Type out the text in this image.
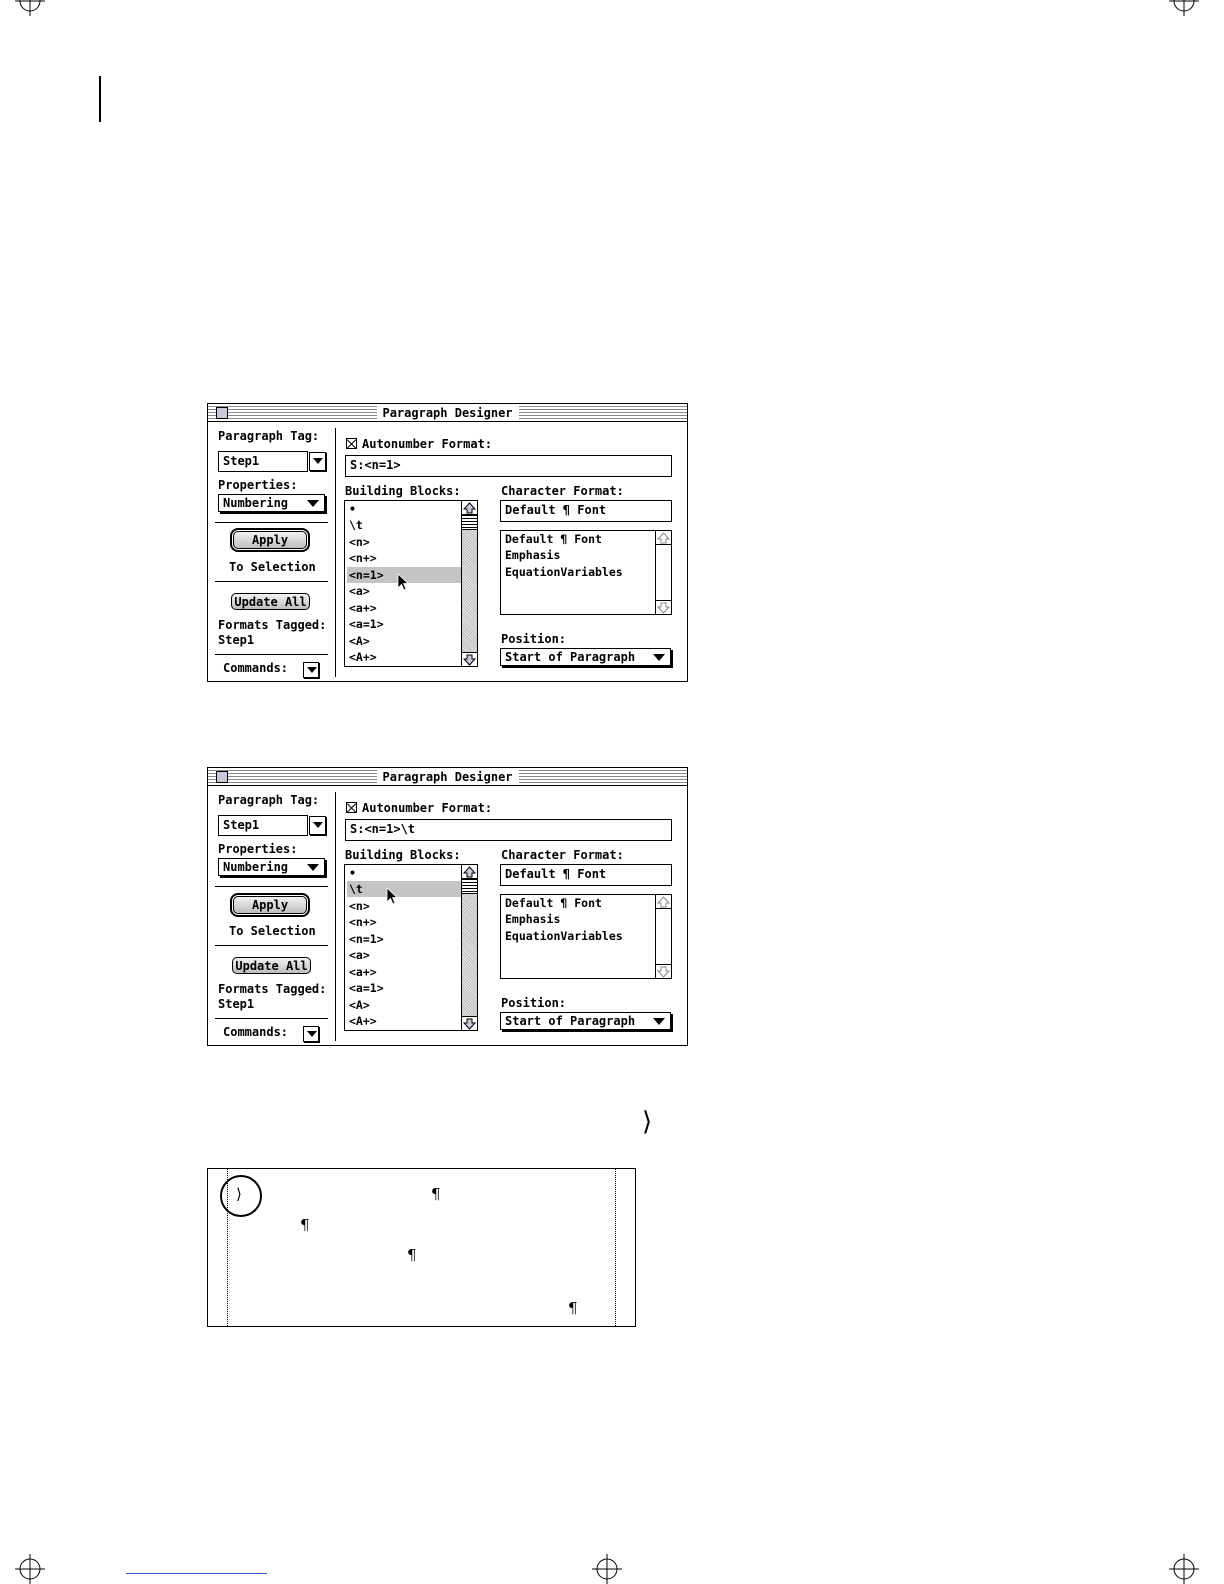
Paragraph Designer
Paragraph Tag:
Step1
Properties:
Numbering
Apply
To Selection
Update All
Formats Tagged:
Step1
Commands:
Autonumber Format:
S:<n=1>
Building Blocks:
•
\t
<n>
<n+>
<n=1>
<a>
<a+>
<a=1>
<A>
<A+>
Character Format:
Default ¶ Font
Default ¶ Font
Emphasis
EquationVariables
Position:
Start of Paragraph
Paragraph Designer
Paragraph Tag:
Step1
Properties:
Numbering
Apply
To Selection
Update All
Formats Tagged:
Step1
Commands:
Autonumber Format:
S:<n=1>\t
Building Blocks:
•
\t
<n>
<n+>
<n=1>
<a>
<a+>
<a=1>
<A>
<A+>
Character Format:
Default ¶ Font
Default ¶ Font
Emphasis
EquationVariables
Position:
Start of Paragraph
⟩
⟩	¶
¶
¶
¶
